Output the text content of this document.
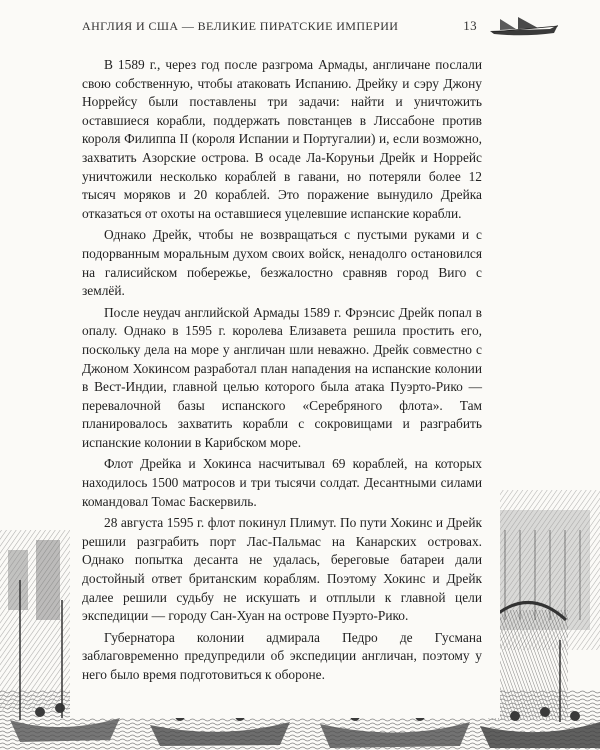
АНГЛИЯ И США — ВЕЛИКИЕ ПИРАТСКИЕ ИМПЕРИИ	13

В 1589 г., через год после разгрома Армады, англичане послали свою собственную, чтобы атаковать Испанию. Дрейку и сэру Джону Норрейсу были поставлены три задачи: найти и уничтожить оставшиеся корабли, поддержать повстанцев в Лиссабоне против короля Филиппа II (короля Испании и Португалии) и, если возможно, захватить Азорские острова. В осаде Ла-Коруньи Дрейк и Норрейс уничтожили несколько кораблей в гавани, но потеряли более 12 тысяч моряков и 20 кораблей. Это поражение вынудило Дрейка отказаться от охоты на оставшиеся уцелевшие испанские корабли.

Однако Дрейк, чтобы не возвращаться с пустыми руками и с подорванным моральным духом своих войск, ненадолго остановился на галисийском побережье, безжалостно сравняв город Виго с землёй.

После неудач английской Армады 1589 г. Фрэнсис Дрейк попал в опалу. Однако в 1595 г. королева Елизавета решила простить его, поскольку дела на море у англичан шли неважно. Дрейк совместно с Джоном Хокинсом разработал план нападения на испанские колонии в Вест-Индии, главной целью которого была атака Пуэрто-Рико — перевалочной базы испанского «Серебряного флота». Там планировалось захватить корабли с сокровищами и разграбить испанские колонии в Карибском море.

Флот Дрейка и Хокинса насчитывал 69 кораблей, на которых находилось 1500 матросов и три тысячи солдат. Десантными силами командовал Томас Баскервиль.

28 августа 1595 г. флот покинул Плимут. По пути Хокинс и Дрейк решили разграбить порт Лас-Пальмас на Канарских островах. Однако попытка десанта не удалась, береговые батареи дали достойный ответ британским кораблям. Поэтому Хокинс и Дрейк далее решили судьбу не искушать и отплыли к главной цели экспедиции — городу Сан-Хуан на острове Пуэрто-Рико.

Губернатора колонии адмирала Педро де Гусмана заблаговременно предупредили об экспедиции англичан, поэтому у него было время подготовиться к обороне.
